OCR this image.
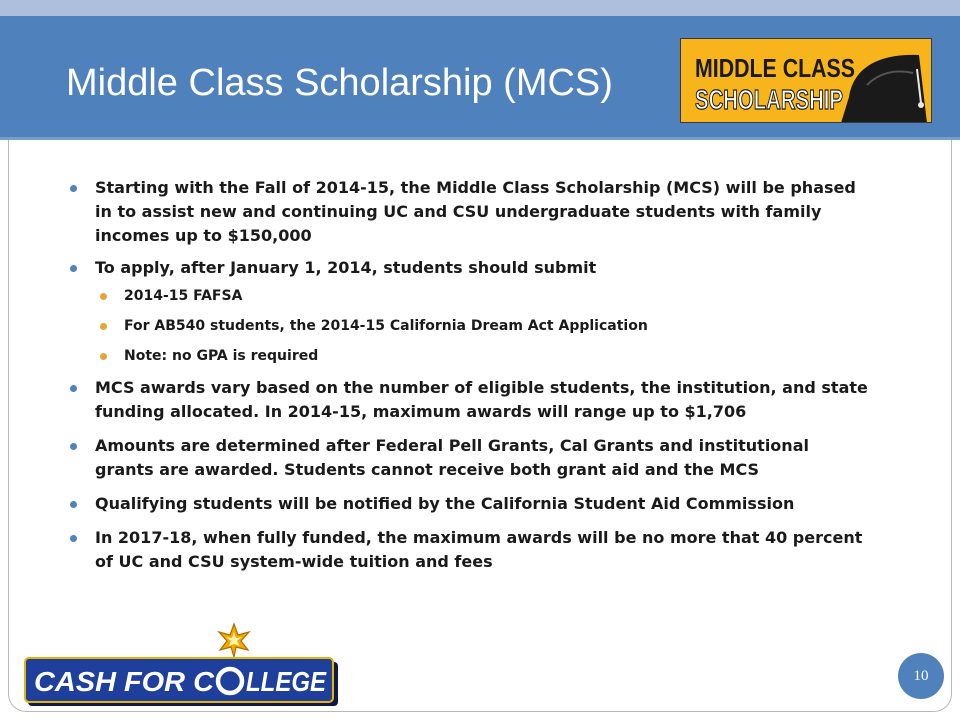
Middle Class Scholarship (MCS)	MIDDLE CLASS
SCHOLARSHIP
Starting with the Fall of 2014-15, the Middle Class Scholarship (MCS) will be phased in to assist new and continuing UC and CSU undergraduate students with family incomes up to $150,000
To apply, after January 1, 2014, students should submit
2014-15 FAFSA
For AB540 students, the 2014-15 California Dream Act Application
Note: no GPA is required
MCS awards vary based on the number of eligible students, the institution, and state funding allocated. In 2014-15, maximum awards will range up to $1,706
Amounts are determined after Federal Pell Grants, Cal Grants and institutional grants are awarded. Students cannot receive both grant aid and the MCS
Qualifying students will be notified by the California Student Aid Commission
In 2017-18, when fully funded, the maximum awards will be no more that 40 percent of UC and CSU system-wide tuition and fees
CASH FOR C LLEGE	10
